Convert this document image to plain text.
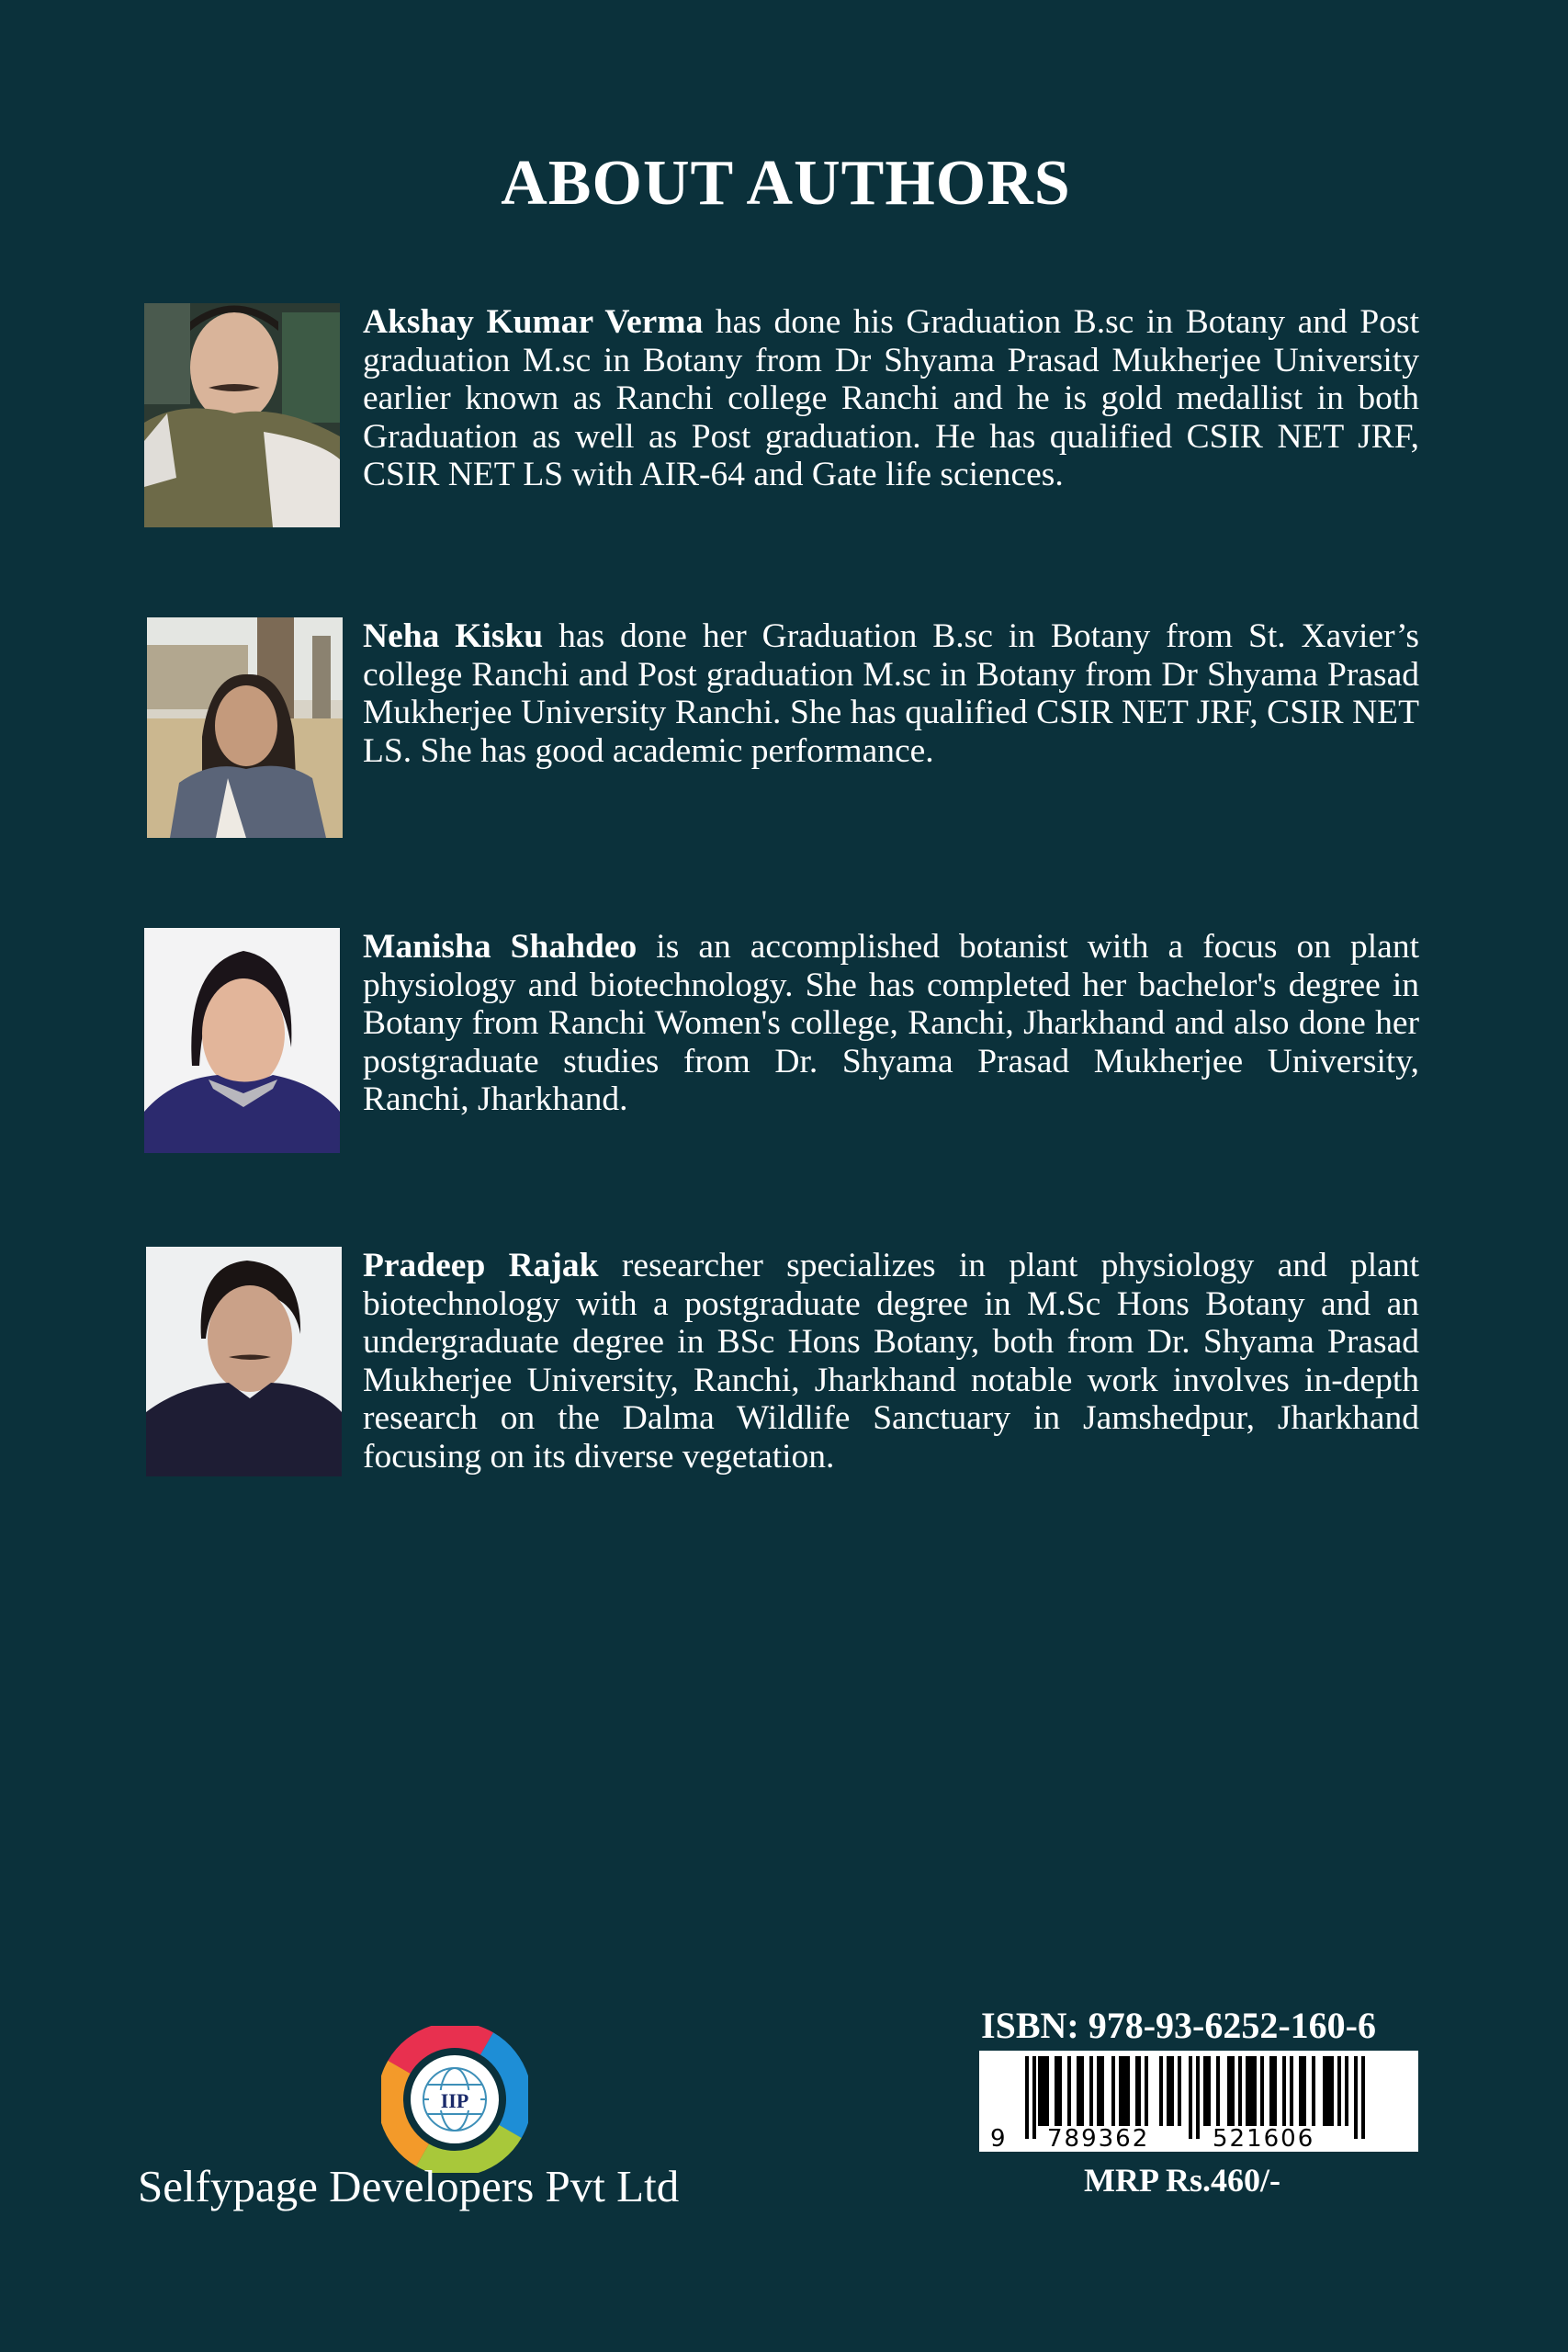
ABOUT AUTHORS
Akshay Kumar Verma has done his Graduation B.sc in Botany and Post graduation M.sc in Botany from Dr Shyama Prasad Mukherjee University earlier known as Ranchi college Ranchi and he is gold medallist in both Graduation as well as Post graduation. He has qualified CSIR NET JRF, CSIR NET LS with AIR-64 and Gate life sciences.
Neha Kisku has done her Graduation B.sc in Botany from St. Xavier’s college Ranchi and Post graduation M.sc in Botany from Dr Shyama Prasad Mukherjee University Ranchi. She has qualified CSIR NET JRF, CSIR NET LS. She has good academic performance.
Manisha Shahdeo is an accomplished botanist with a focus on plant physiology and biotechnology. She has completed her bachelor's degree in Botany from Ranchi Women's college, Ranchi, Jharkhand and also done her postgraduate studies from Dr. Shyama Prasad Mukherjee University, Ranchi, Jharkhand.
Pradeep Rajak researcher specializes in plant physiology and plant biotechnology with a postgraduate degree in M.Sc Hons Botany and an undergraduate degree in BSc Hons Botany, both from Dr. Shyama Prasad Mukherjee University, Ranchi, Jharkhand notable work involves in-depth research on the Dalma Wildlife Sanctuary in Jamshedpur, Jharkhand focusing on its diverse vegetation.
IIP
Selfypage Developers Pvt Ltd
ISBN: 978-93-6252-160-6
9 789362	521606
MRP Rs.460/-
